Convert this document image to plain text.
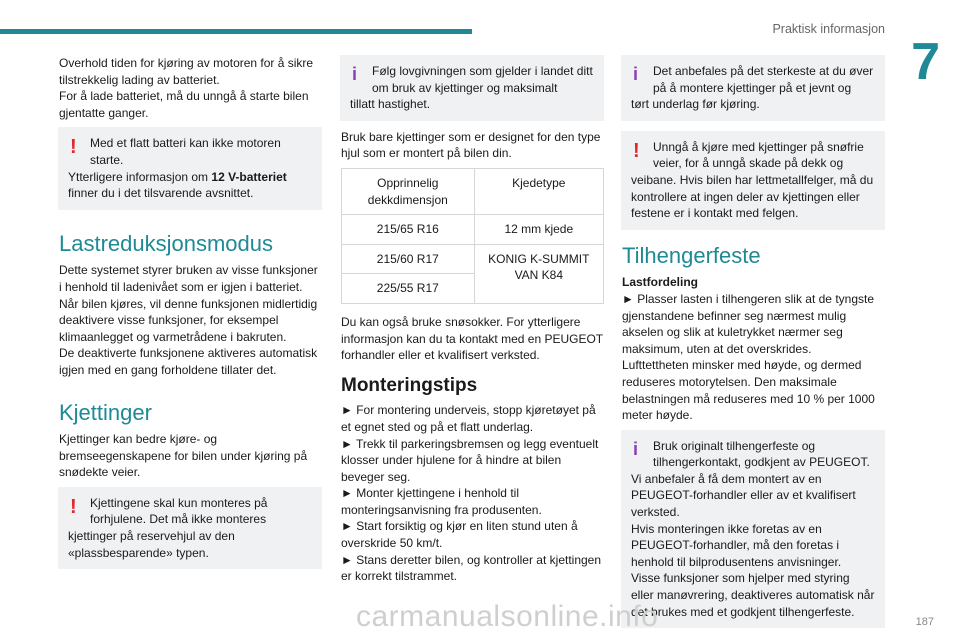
Praktisk informasjon
7

Overhold tiden for kjøring av motoren for å sikre tilstrekkelig lading av batteriet.

For å lade batteriet, må du unngå å starte bilen gjentatte ganger.

! Med et flatt batteri kan ikke motoren starte.

Ytterligere informasjon om 12 V-batteriet finner du i det tilsvarende avsnittet.

Lastreduksjonsmodus

Dette systemet styrer bruken av visse funksjoner i henhold til ladenivået som er igjen i batteriet.

Når bilen kjøres, vil denne funksjonen midlertidig deaktivere visse funksjoner, for eksempel klimaanlegget og varmetrådene i bakruten.

De deaktiverte funksjonene aktiveres automatisk igjen med en gang forholdene tillater det.

Kjettinger

Kjettinger kan bedre kjøre- og bremseegenskapene for bilen under kjøring på snødekte veier.

! Kjettingene skal kun monteres på forhjulene. Det må ikke monteres

kjettinger på reservehjul av den «plassbesparende» typen.

i Følg lovgivningen som gjelder i landet ditt om bruk av kjettinger og maksimalt

tillatt hastighet.

Bruk bare kjettinger som er designet for den type hjul som er montert på bilen din.

Opprinnelig dekkdimensjon	Kjedetype
215/65 R16	12 mm kjede
215/60 R17	KONIG K-SUMMIT VAN K84
225/55 R17	

Du kan også bruke snøsokker. For ytterligere informasjon kan du ta kontakt med en PEUGEOT forhandler eller et kvalifisert verksted.

Monteringstips

► For montering underveis, stopp kjøretøyet på et egnet sted og på et flatt underlag.

► Trekk til parkeringsbremsen og legg eventuelt klosser under hjulene for å hindre at bilen beveger seg.

► Monter kjettingene i henhold til monteringsanvisning fra produsenten.

► Start forsiktig og kjør en liten stund uten å overskride 50 km/t.

► Stans deretter bilen, og kontroller at kjettingen er korrekt tilstrammet.

i Det anbefales på det sterkeste at du øver på å montere kjettinger på et jevnt og

tørt underlag før kjøring.

! Unngå å kjøre med kjettinger på snøfrie veier, for å unngå skade på dekk og

veibane. Hvis bilen har lettmetallfelger, må du kontrollere at ingen deler av kjettingen eller festene er i kontakt med felgen.

Tilhengerfeste

Lastfordeling

► Plasser lasten i tilhengeren slik at de tyngste gjenstandene befinner seg nærmest mulig akselen og slik at kuletrykket nærmer seg maksimum, uten at det overskrides.

Lufttettheten minsker med høyde, og dermed reduseres motorytelsen. Den maksimale belastningen må reduseres med 10 % per 1000 meter høyde.

i Bruk originalt tilhengerfeste og tilhengerkontakt, godkjent av PEUGEOT.

Vi anbefaler å få dem montert av en PEUGEOT-forhandler eller av et kvalifisert verksted.

Hvis monteringen ikke foretas av en PEUGEOT-forhandler, må den foretas i henhold til bilprodusentens anvisninger.

Visse funksjoner som hjelper med styring eller manøvrering, deaktiveres automatisk når det brukes med et godkjent tilhengerfeste.

carmanualsonline.info	187
